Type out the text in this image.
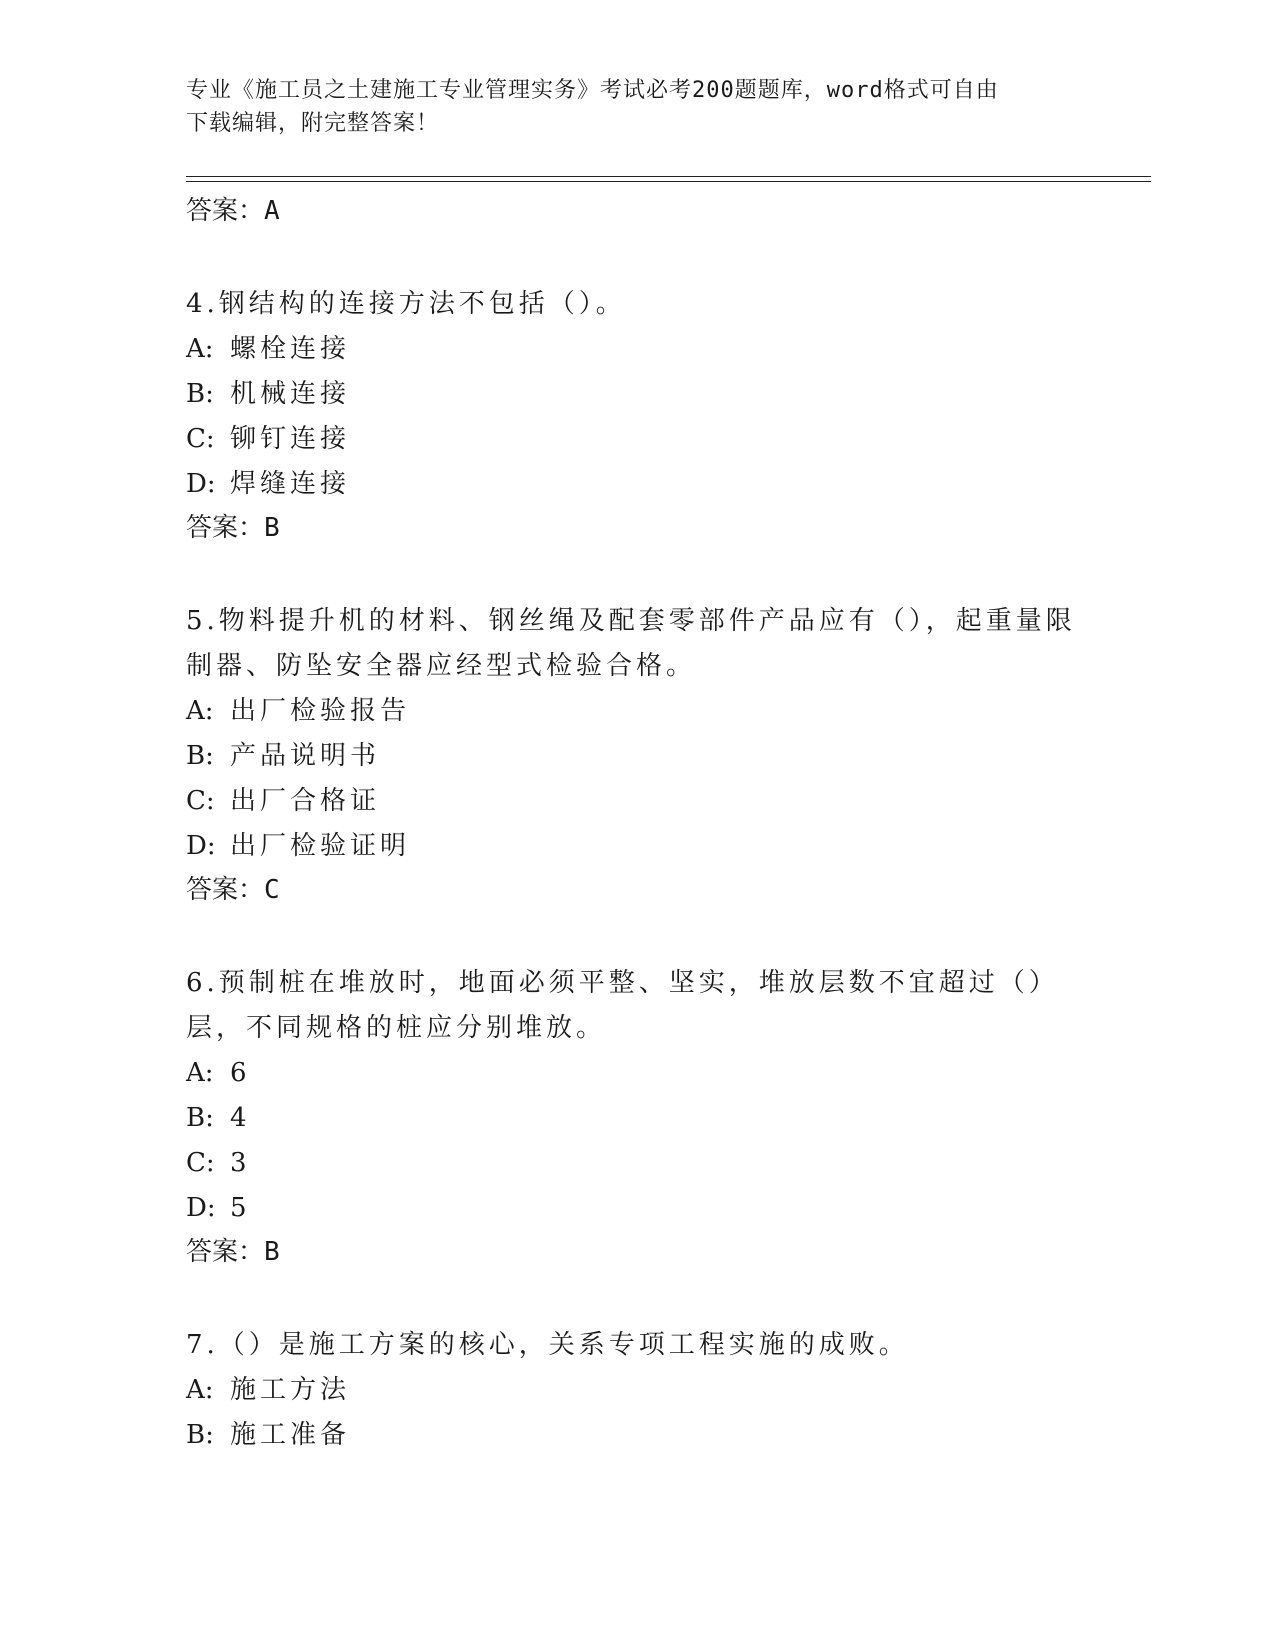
专业《施工员之土建施工专业管理实务》考试必考200题题库，word格式可自由
下载编辑，附完整答案！

答案：A

4.钢结构的连接方法不包括（）。

A: 螺栓连接

B: 机械连接

C: 铆钉连接

D: 焊缝连接

答案：B

5.物料提升机的材料、钢丝绳及配套零部件产品应有（），起重量限制器、防坠安全器应经型式检验合格。

A: 出厂检验报告

B: 产品说明书

C: 出厂合格证

D: 出厂检验证明

答案：C

6.预制桩在堆放时，地面必须平整、坚实，堆放层数不宜超过（）层，不同规格的桩应分别堆放。

A: 6

B: 4

C: 3

D: 5

答案：B

7.（）是施工方案的核心，关系专项工程实施的成败。

A: 施工方法

B: 施工准备
